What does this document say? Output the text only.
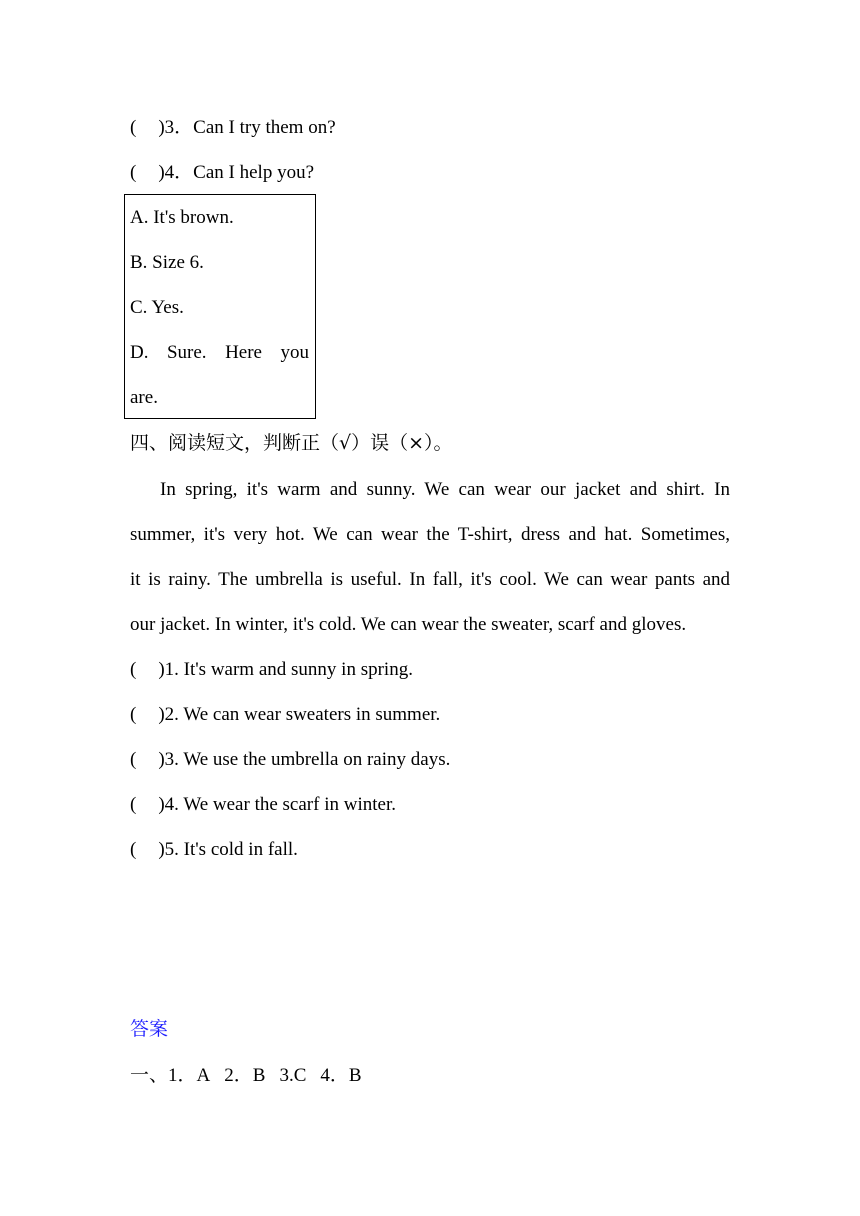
( )3．Can I try them on?
( )4．Can I help you?
A. It's brown.
B. Size 6.
C. Yes.
D. Sure. Here you
are.
四、阅读短文，判断正（√）误（×）。
In spring, it's warm and sunny. We can wear our jacket and shirt. In
summer, it's very hot. We can wear the T-shirt, dress and hat. Sometimes,
it is rainy. The umbrella is useful. In fall, it's cool. We can wear pants and
our jacket. In winter, it's cold. We can wear the sweater, scarf and gloves.
( )1. It's warm and sunny in spring.
( )2. We can wear sweaters in summer.
( )3. We use the umbrella on rainy days.
( )4. We wear the scarf in winter.
( )5. It's cold in fall.
答案
一、1．A 2．B 3.C 4．B
